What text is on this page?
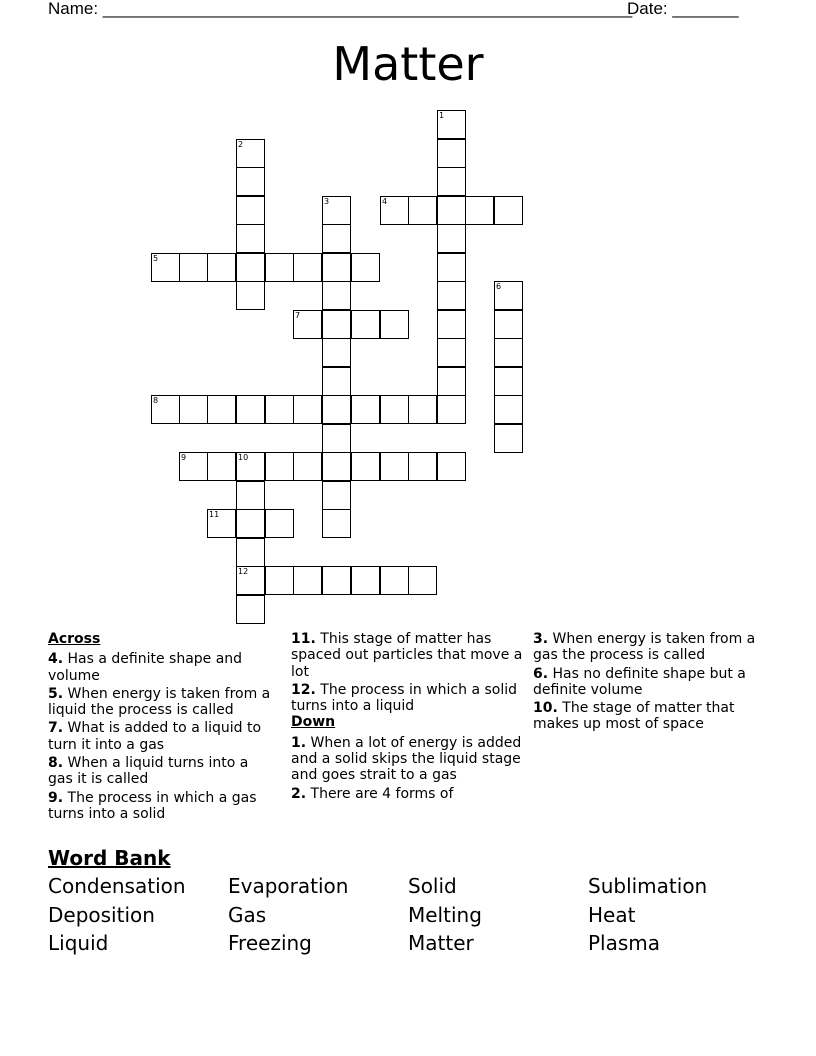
Name: ________________________________________________________
Date: _______
Matter
1
2
3	4
5
6
7
8
9	10
12
11
Across
4. Has a definite shape and volume
5. When energy is taken from a liquid the process is called
7. What is added to a liquid to turn it into a gas
8. When a liquid turns into a gas it is called
9. The process in which a gas turns into a solid
11. This stage of matter has spaced out particles that move a lot
12. The process in which a solid turns into a liquid
Down
1. When a lot of energy is added and a solid skips the liquid stage and goes strait to a gas
2. There are 4 forms of
3. When energy is taken from a gas the process is called
6. Has no definite shape but a definite volume
10. The stage of matter that makes up most of space
Word Bank
Condensation Evaporation	Solid	Sublimation
Deposition	Gas	Melting	Heat
Liquid	Freezing	Matter	Plasma
